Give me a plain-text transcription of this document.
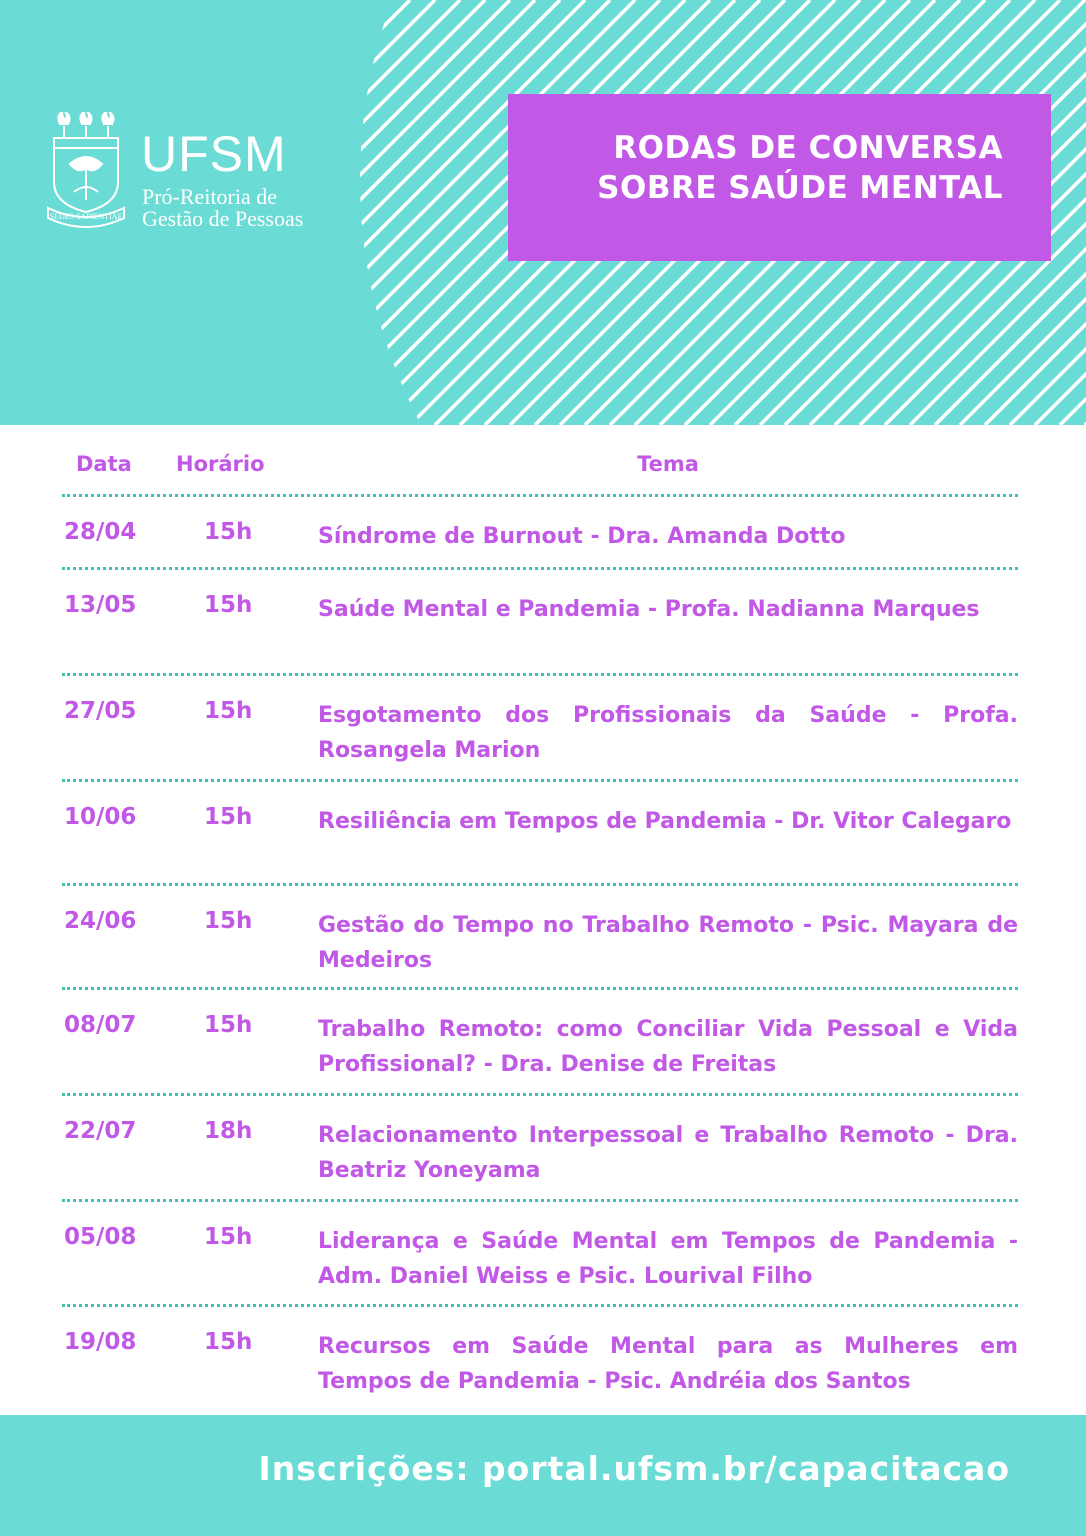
SEDES SAPIENTIAE
UFSM
Pró-Reitoria de
Gestão de Pessoas
RODAS DE CONVERSA
SOBRE SAÚDE MENTAL
Data Horário	Tema
28/04	15h	Síndrome de Burnout - Dra. Amanda Dotto
13/05	15h	Saúde Mental e Pandemia - Profa. Nadianna Marques
27/05	15h	Esgotamento dos Profissionais da Saúde - Profa. Rosangela Marion
10/06	15h	Resiliência em Tempos de Pandemia - Dr. Vitor Calegaro
24/06	15h	Gestão do Tempo no Trabalho Remoto - Psic. Mayara de Medeiros
08/07	15h	Trabalho Remoto: como Conciliar Vida Pessoal e Vida Profissional? - Dra. Denise de Freitas
22/07	18h	Relacionamento Interpessoal e Trabalho Remoto - Dra. Beatriz Yoneyama
05/08	15h	Liderança e Saúde Mental em Tempos de Pandemia - Adm. Daniel Weiss e Psic. Lourival Filho
19/08	15h	Recursos em Saúde Mental para as Mulheres em Tempos de Pandemia - Psic. Andréia dos Santos
Inscrições: portal.ufsm.br/capacitacao
